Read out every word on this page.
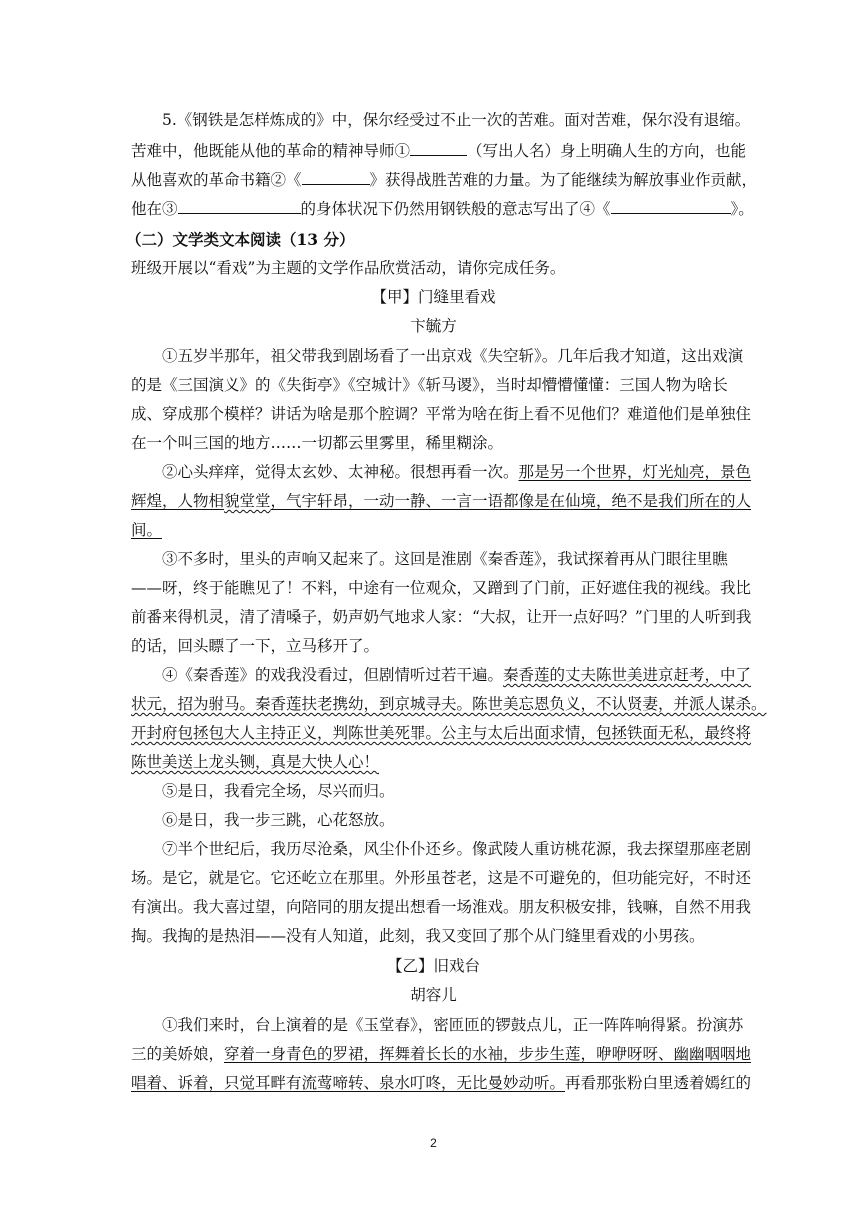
5.《钢铁是怎样炼成的》中，保尔经受过不止一次的苦难。面对苦难，保尔没有退缩。
苦难中，他既能从他的革命的精神导师①	（写出人名）身上明确人生的方向，也能
从他喜欢的革命书籍②《	》获得战胜苦难的力量。为了能继续为解放事业作贡献，
他在③	的身体状况下仍然用钢铁般的意志写出了④《	》。
（二）文学类文本阅读（13 分）
班级开展以“看戏”为主题的文学作品欣赏活动，请你完成任务。
【甲】门缝里看戏
卞毓方
①五岁半那年，祖父带我到剧场看了一出京戏《失空斩》。几年后我才知道，这出戏演
的是《三国演义》的《失街亭》《空城计》《斩马谡》，当时却懵懵懂懂：三国人物为啥长
成、穿成那个模样？讲话为啥是那个腔调？平常为啥在街上看不见他们？难道他们是单独住
在一个叫三国的地方……一切都云里雾里，稀里糊涂。
②心头痒痒，觉得太玄妙、太神秘。很想再看一次。那是另一个世界，灯光灿亮，景色
辉煌，人物相貌堂堂，气宇轩昂，一动一静、一言一语都像是在仙境，绝不是我们所在的人
间。
③不多时，里头的声响又起来了。这回是淮剧《秦香莲》，我试探着再从门眼往里瞧
——呀，终于能瞧见了！不料，中途有一位观众，又蹭到了门前，正好遮住我的视线。我比
前番来得机灵，清了清嗓子，奶声奶气地求人家：“大叔，让开一点好吗？”门里的人听到我
的话，回头瞟了一下，立马移开了。
④《秦香莲》的戏我没看过，但剧情听过若干遍。秦香莲的丈夫陈世美进京赶考，中了
状元，招为驸马。秦香莲扶老携幼，到京城寻夫。陈世美忘恩负义，不认贤妻，并派人谋杀。
开封府包拯包大人主持正义，判陈世美死罪。公主与太后出面求情，包拯铁面无私，最终将
陈世美送上龙头铡，真是大快人心！
⑤是日，我看完全场，尽兴而归。
⑥是日，我一步三跳，心花怒放。
⑦半个世纪后，我历尽沧桑，风尘仆仆还乡。像武陵人重访桃花源，我去探望那座老剧
场。是它，就是它。它还屹立在那里。外形虽苍老，这是不可避免的，但功能完好，不时还
有演出。我大喜过望，向陪同的朋友提出想看一场淮戏。朋友积极安排，钱嘛，自然不用我
掏。我掏的是热泪——没有人知道，此刻，我又变回了那个从门缝里看戏的小男孩。
【乙】旧戏台
胡容儿
①我们来时，台上演着的是《玉堂春》，密匝匝的锣鼓点儿，正一阵阵响得紧。扮演苏
三的美娇娘，穿着一身青色的罗裙，挥舞着长长的水袖，步步生莲，咿咿呀呀、幽幽咽咽地
唱着、诉着，只觉耳畔有流莺啼转、泉水叮咚，无比曼妙动听。再看那张粉白里透着嫣红的
2
